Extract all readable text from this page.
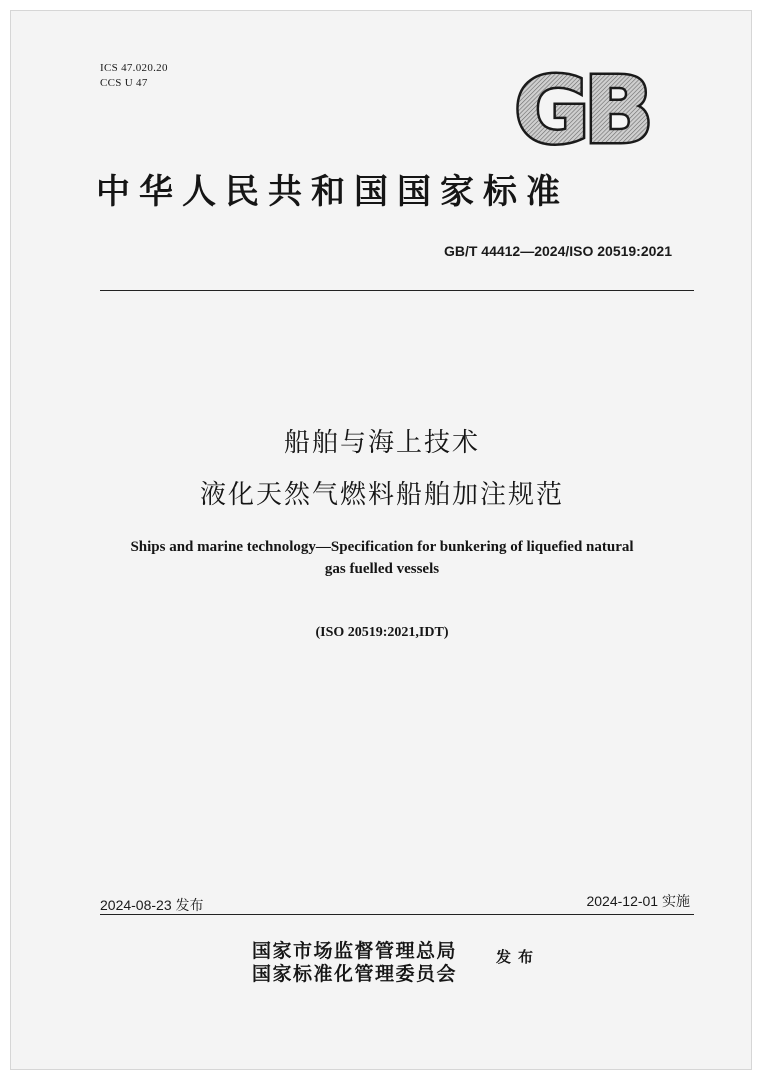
ICS 47.020.20
CCS U 47	GB
中华人民共和国国家标准
GB/T 44412—2024/ISO 20519:2021
船舶与海上技术
液化天然气燃料船舶加注规范
Ships and marine technology—Specification for bunkering of liquefied natural
gas fuelled vessels
(ISO 20519:2021,IDT)
2024-08-23 发布	2024-12-01 实施
国家市场监督管理总局
国家标准化管理委员会
发布
